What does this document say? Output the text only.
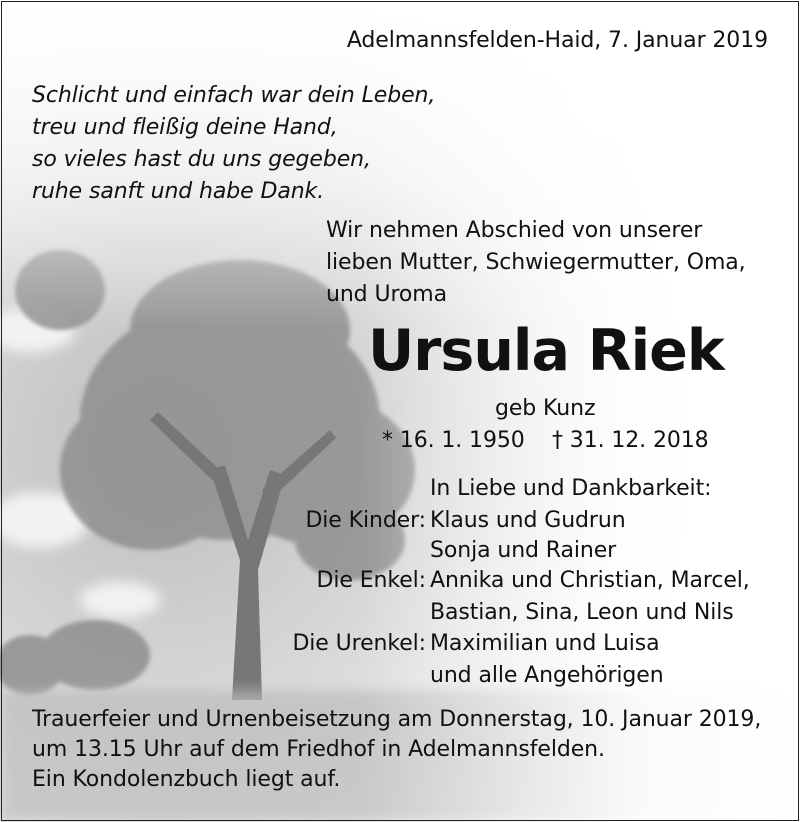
Adelmannsfelden-Haid, 7. Januar 2019
Schlicht und einfach war dein Leben,
treu und fleißig deine Hand,
so vieles hast du uns gegeben,
ruhe sanft und habe Dank.
Wir nehmen Abschied von unserer
lieben Mutter, Schwiegermutter, Oma,
und Uroma
Ursula Riek
geb Kunz
* 16. 1. 1950 † 31. 12. 2018
In Liebe und Dankbarkeit:
Die Kinder: Klaus und Gudrun
Sonja und Rainer
Die Enkel: Annika und Christian, Marcel,
Bastian, Sina, Leon und Nils
Die Urenkel: Maximilian und Luisa
und alle Angehörigen
Trauerfeier und Urnenbeisetzung am Donnerstag, 10. Januar 2019,
um 13.15 Uhr auf dem Friedhof in Adelmannsfelden.
Ein Kondolenzbuch liegt auf.
